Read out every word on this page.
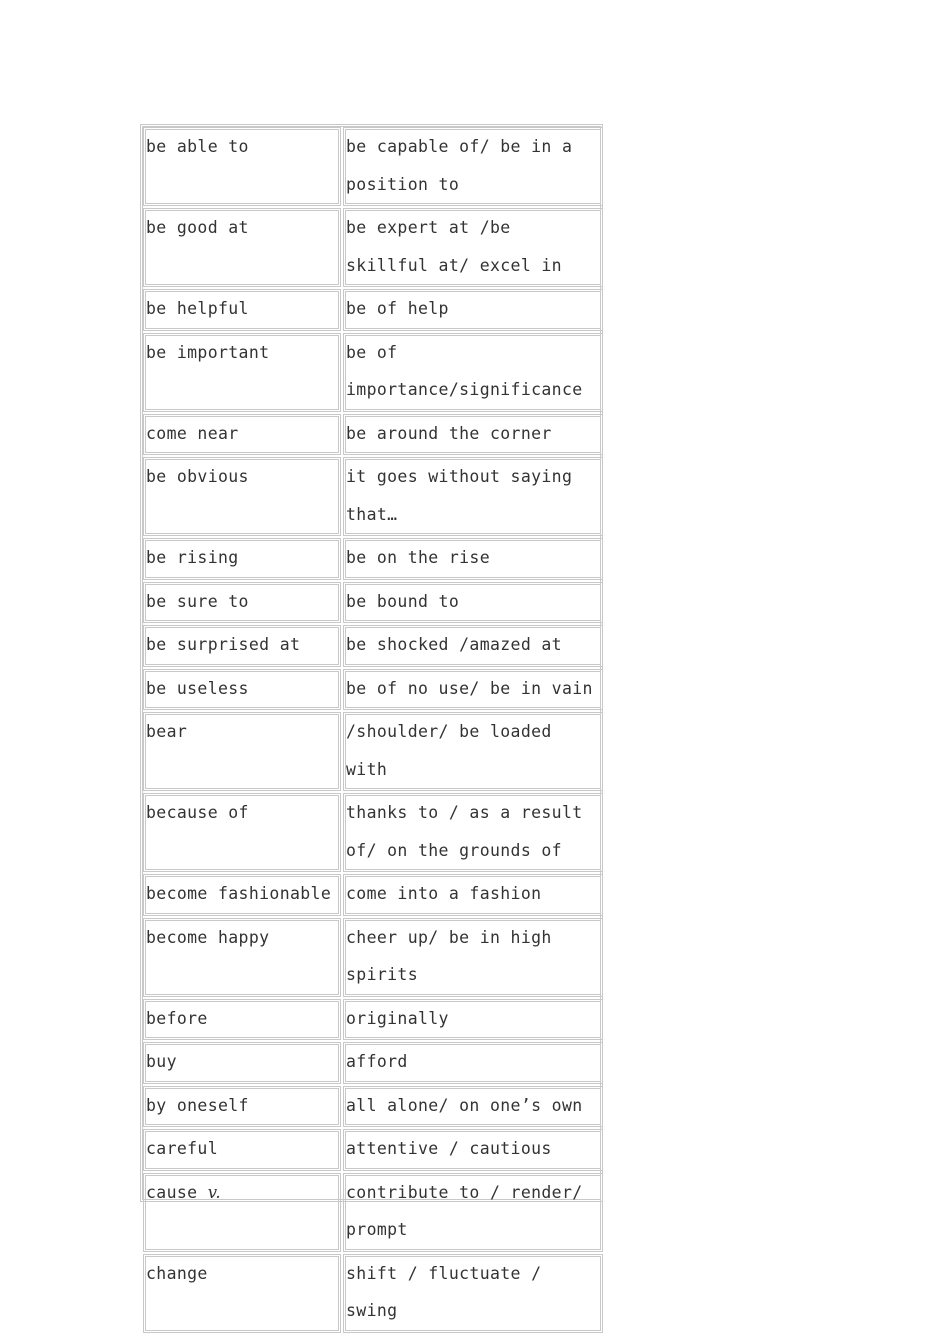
be able to	be capable of/ be in a position to

be good at	be expert at /be skillful at/ excel in

be helpful	be of help

be important	be of importance/significance

come near	be around the corner

be obvious	it goes without saying that…

be rising	be on the rise

be sure to	be bound to

be surprised at	be shocked /amazed at

be useless	be of no use/ be in vain

bear	/shoulder/ be loaded with

because of	thanks to / as a result of/ on the grounds of

become fashionable	come into a fashion

become happy	cheer up/ be in high spirits

before	originally

buy	afford

by oneself	all alone/ on one’s own

careful	attentive / cautious

cause v.	contribute to / render/ prompt

change	shift / fluctuate / swing
